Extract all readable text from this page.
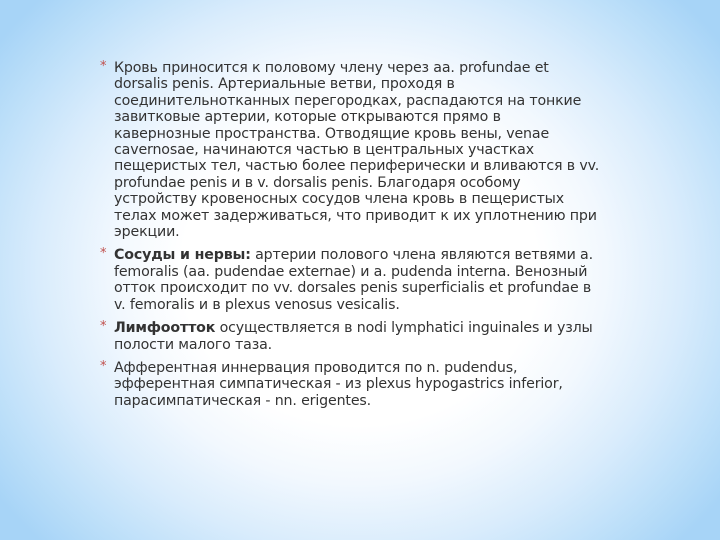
* Кровь приносится к половому члену через aa. profundae et dorsalis penis. Артериальные ветви, проходя в соединительнотканных перегородках, распадаются на тонкие завитковые артерии, которые открываются прямо в кавернозные пространства. Отводящие кровь вены, venae cavernosae, начинаются частью в центральных участках пещеристых тел, частью более периферически и вливаются в vv. profundae penis и в v. dorsalis penis. Благодаря особому устройству кровеносных сосудов члена кровь в пещеристых телах может задерживаться, что приводит к их уплотнению при эрекции.
* Сосуды и нервы: артерии полового члена являются ветвями a. femoralis (aa. pudendae externae) и a. pudenda interna. Венозный отток происходит по vv. dorsales penis superficialis et profundae в v. femoralis и в plexus venosus vesicalis.
* Лимфоотток осуществляется в nodi lymphatici inguinales и узлы полости малого таза.
* Афферентная иннервация проводится по n. pudendus, эфферентная симпатическая - из plexus hypogastrics inferior, парасимпатическая - nn. erigentes.
